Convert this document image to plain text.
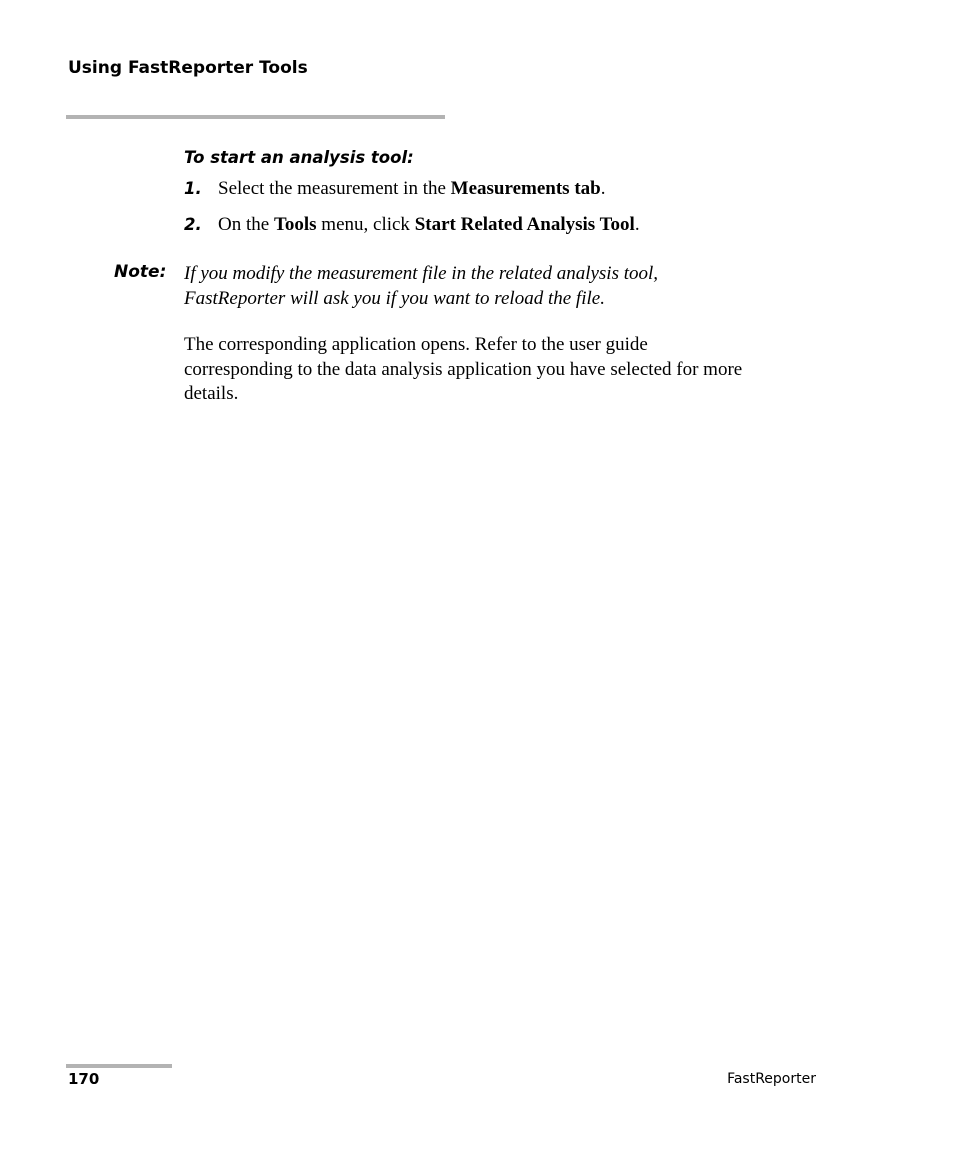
Using FastReporter Tools
To start an analysis tool:
1. Select the measurement in the Measurements tab.
2. On the Tools menu, click Start Related Analysis Tool.
Note: If you modify the measurement file in the related analysis tool,
FastReporter will ask you if you want to reload the file.
The corresponding application opens. Refer to the user guide
corresponding to the data analysis application you have selected for more
details.
170	FastReporter
